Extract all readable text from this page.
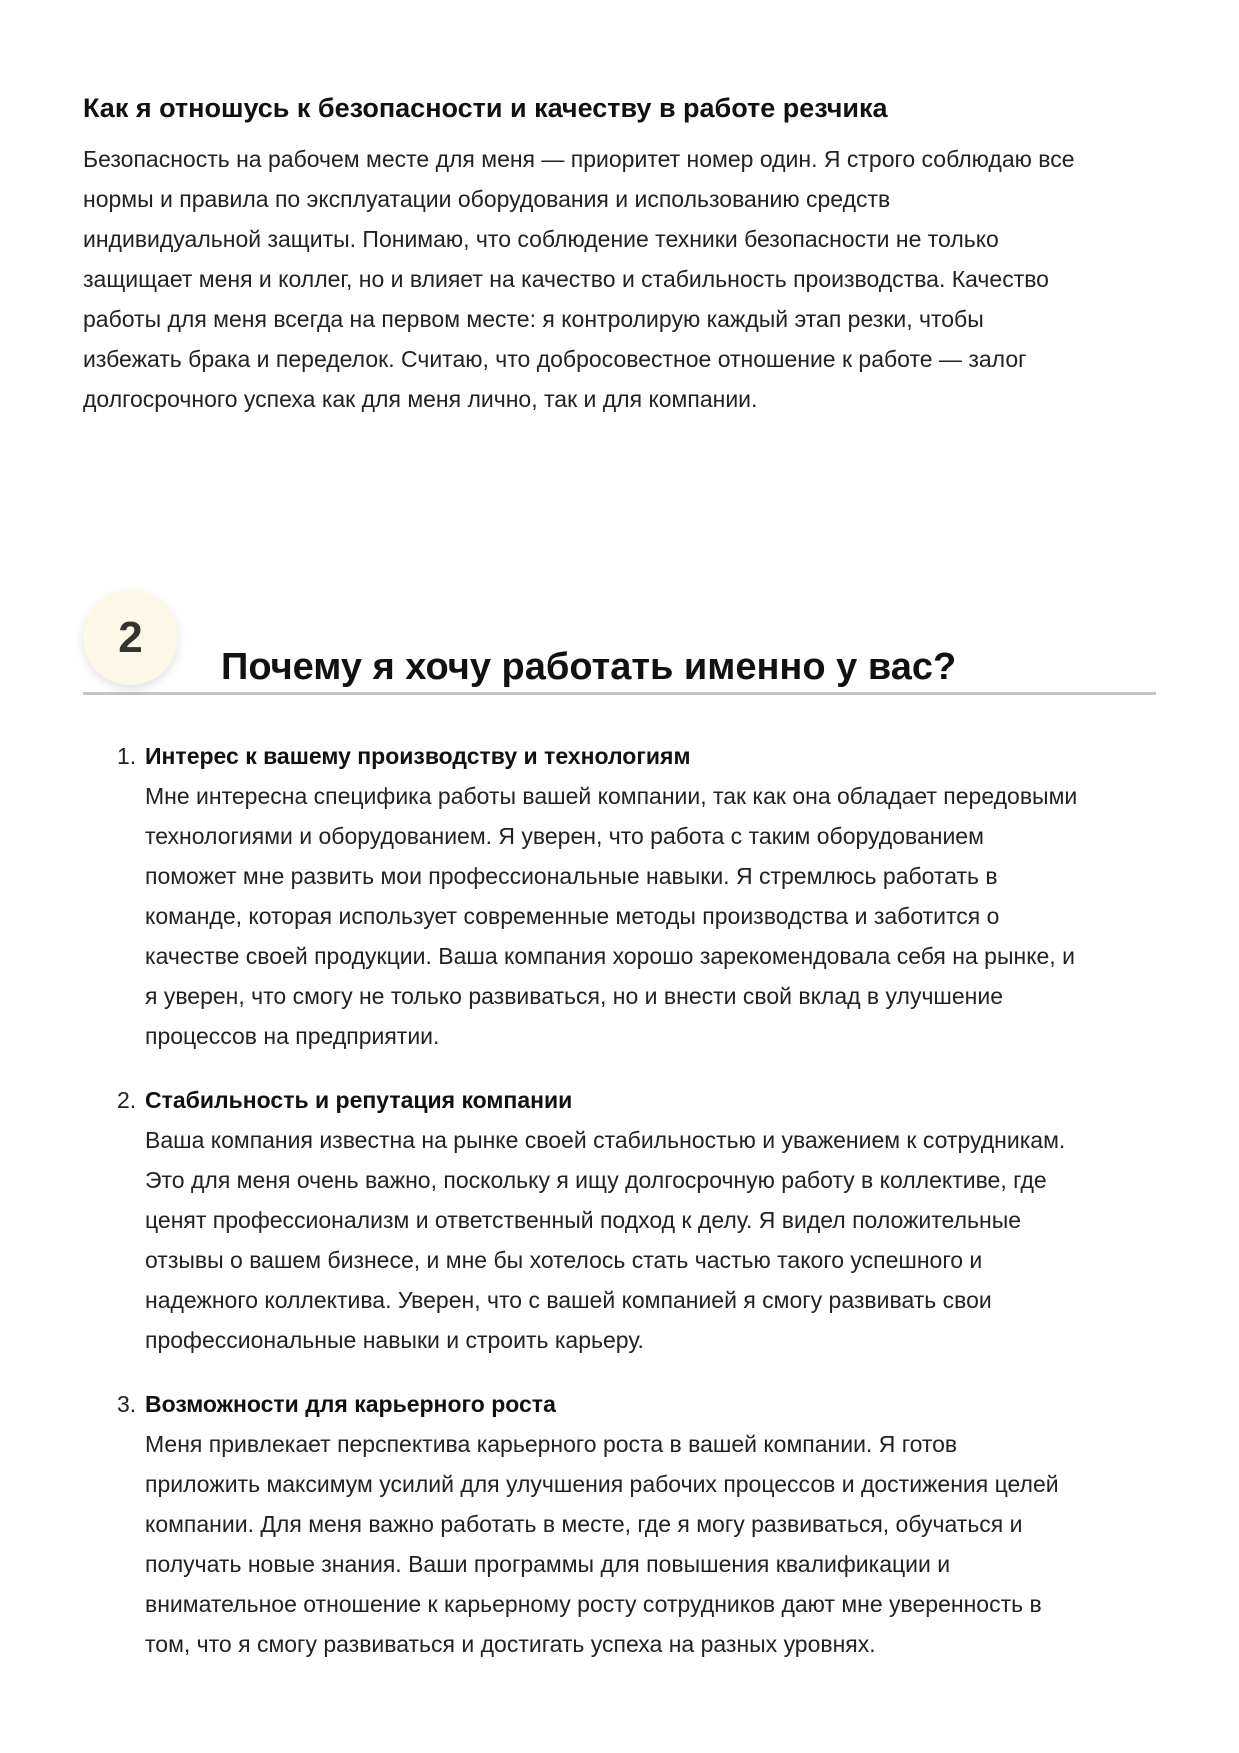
Как я отношусь к безопасности и качеству в работе резчика
Безопасность на рабочем месте для меня — приоритет номер один. Я строго соблюдаю все
нормы и правила по эксплуатации оборудования и использованию средств
индивидуальной защиты. Понимаю, что соблюдение техники безопасности не только
защищает меня и коллег, но и влияет на качество и стабильность производства. Качество
работы для меня всегда на первом месте: я контролирую каждый этап резки, чтобы
избежать брака и переделок. Считаю, что добросовестное отношение к работе — залог
долгосрочного успеха как для меня лично, так и для компании.
2
Почему я хочу работать именно у вас?
1. Интерес к вашему производству и технологиям
Мне интересна специфика работы вашей компании, так как она обладает передовыми
технологиями и оборудованием. Я уверен, что работа с таким оборудованием
поможет мне развить мои профессиональные навыки. Я стремлюсь работать в
команде, которая использует современные методы производства и заботится о
качестве своей продукции. Ваша компания хорошо зарекомендовала себя на рынке, и
я уверен, что смогу не только развиваться, но и внести свой вклад в улучшение
процессов на предприятии.
2. Стабильность и репутация компании
Ваша компания известна на рынке своей стабильностью и уважением к сотрудникам.
Это для меня очень важно, поскольку я ищу долгосрочную работу в коллективе, где
ценят профессионализм и ответственный подход к делу. Я видел положительные
отзывы о вашем бизнесе, и мне бы хотелось стать частью такого успешного и
надежного коллектива. Уверен, что с вашей компанией я смогу развивать свои
профессиональные навыки и строить карьеру.
3. Возможности для карьерного роста
Меня привлекает перспектива карьерного роста в вашей компании. Я готов
приложить максимум усилий для улучшения рабочих процессов и достижения целей
компании. Для меня важно работать в месте, где я могу развиваться, обучаться и
получать новые знания. Ваши программы для повышения квалификации и
внимательное отношение к карьерному росту сотрудников дают мне уверенность в
том, что я смогу развиваться и достигать успеха на разных уровнях.
